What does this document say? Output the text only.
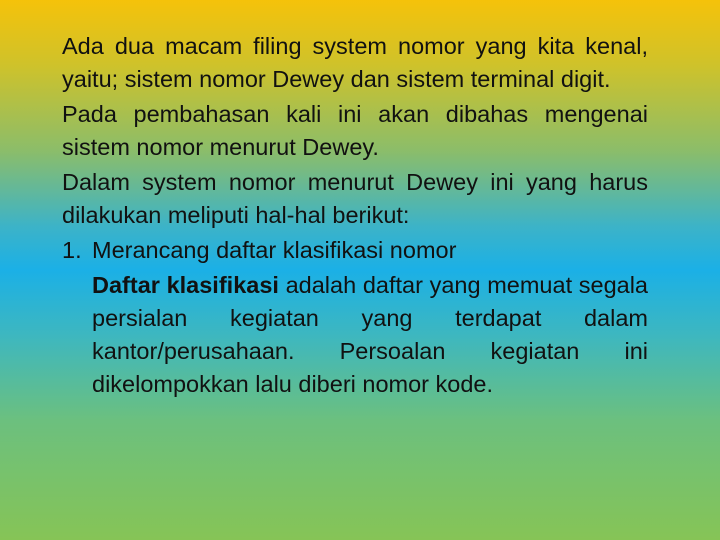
Ada dua macam filing system nomor yang kita kenal, yaitu; sistem nomor Dewey dan sistem terminal digit.

Pada pembahasan kali ini akan dibahas mengenai sistem nomor menurut Dewey.

Dalam system nomor menurut Dewey ini yang harus dilakukan meliputi hal-hal berikut:

1. Merancang daftar klasifikasi nomor
Daftar klasifikasi adalah daftar yang memuat segala persialan kegiatan yang terdapat dalam kantor/perusahaan. Persoalan kegiatan ini dikelompokkan lalu diberi nomor kode.
